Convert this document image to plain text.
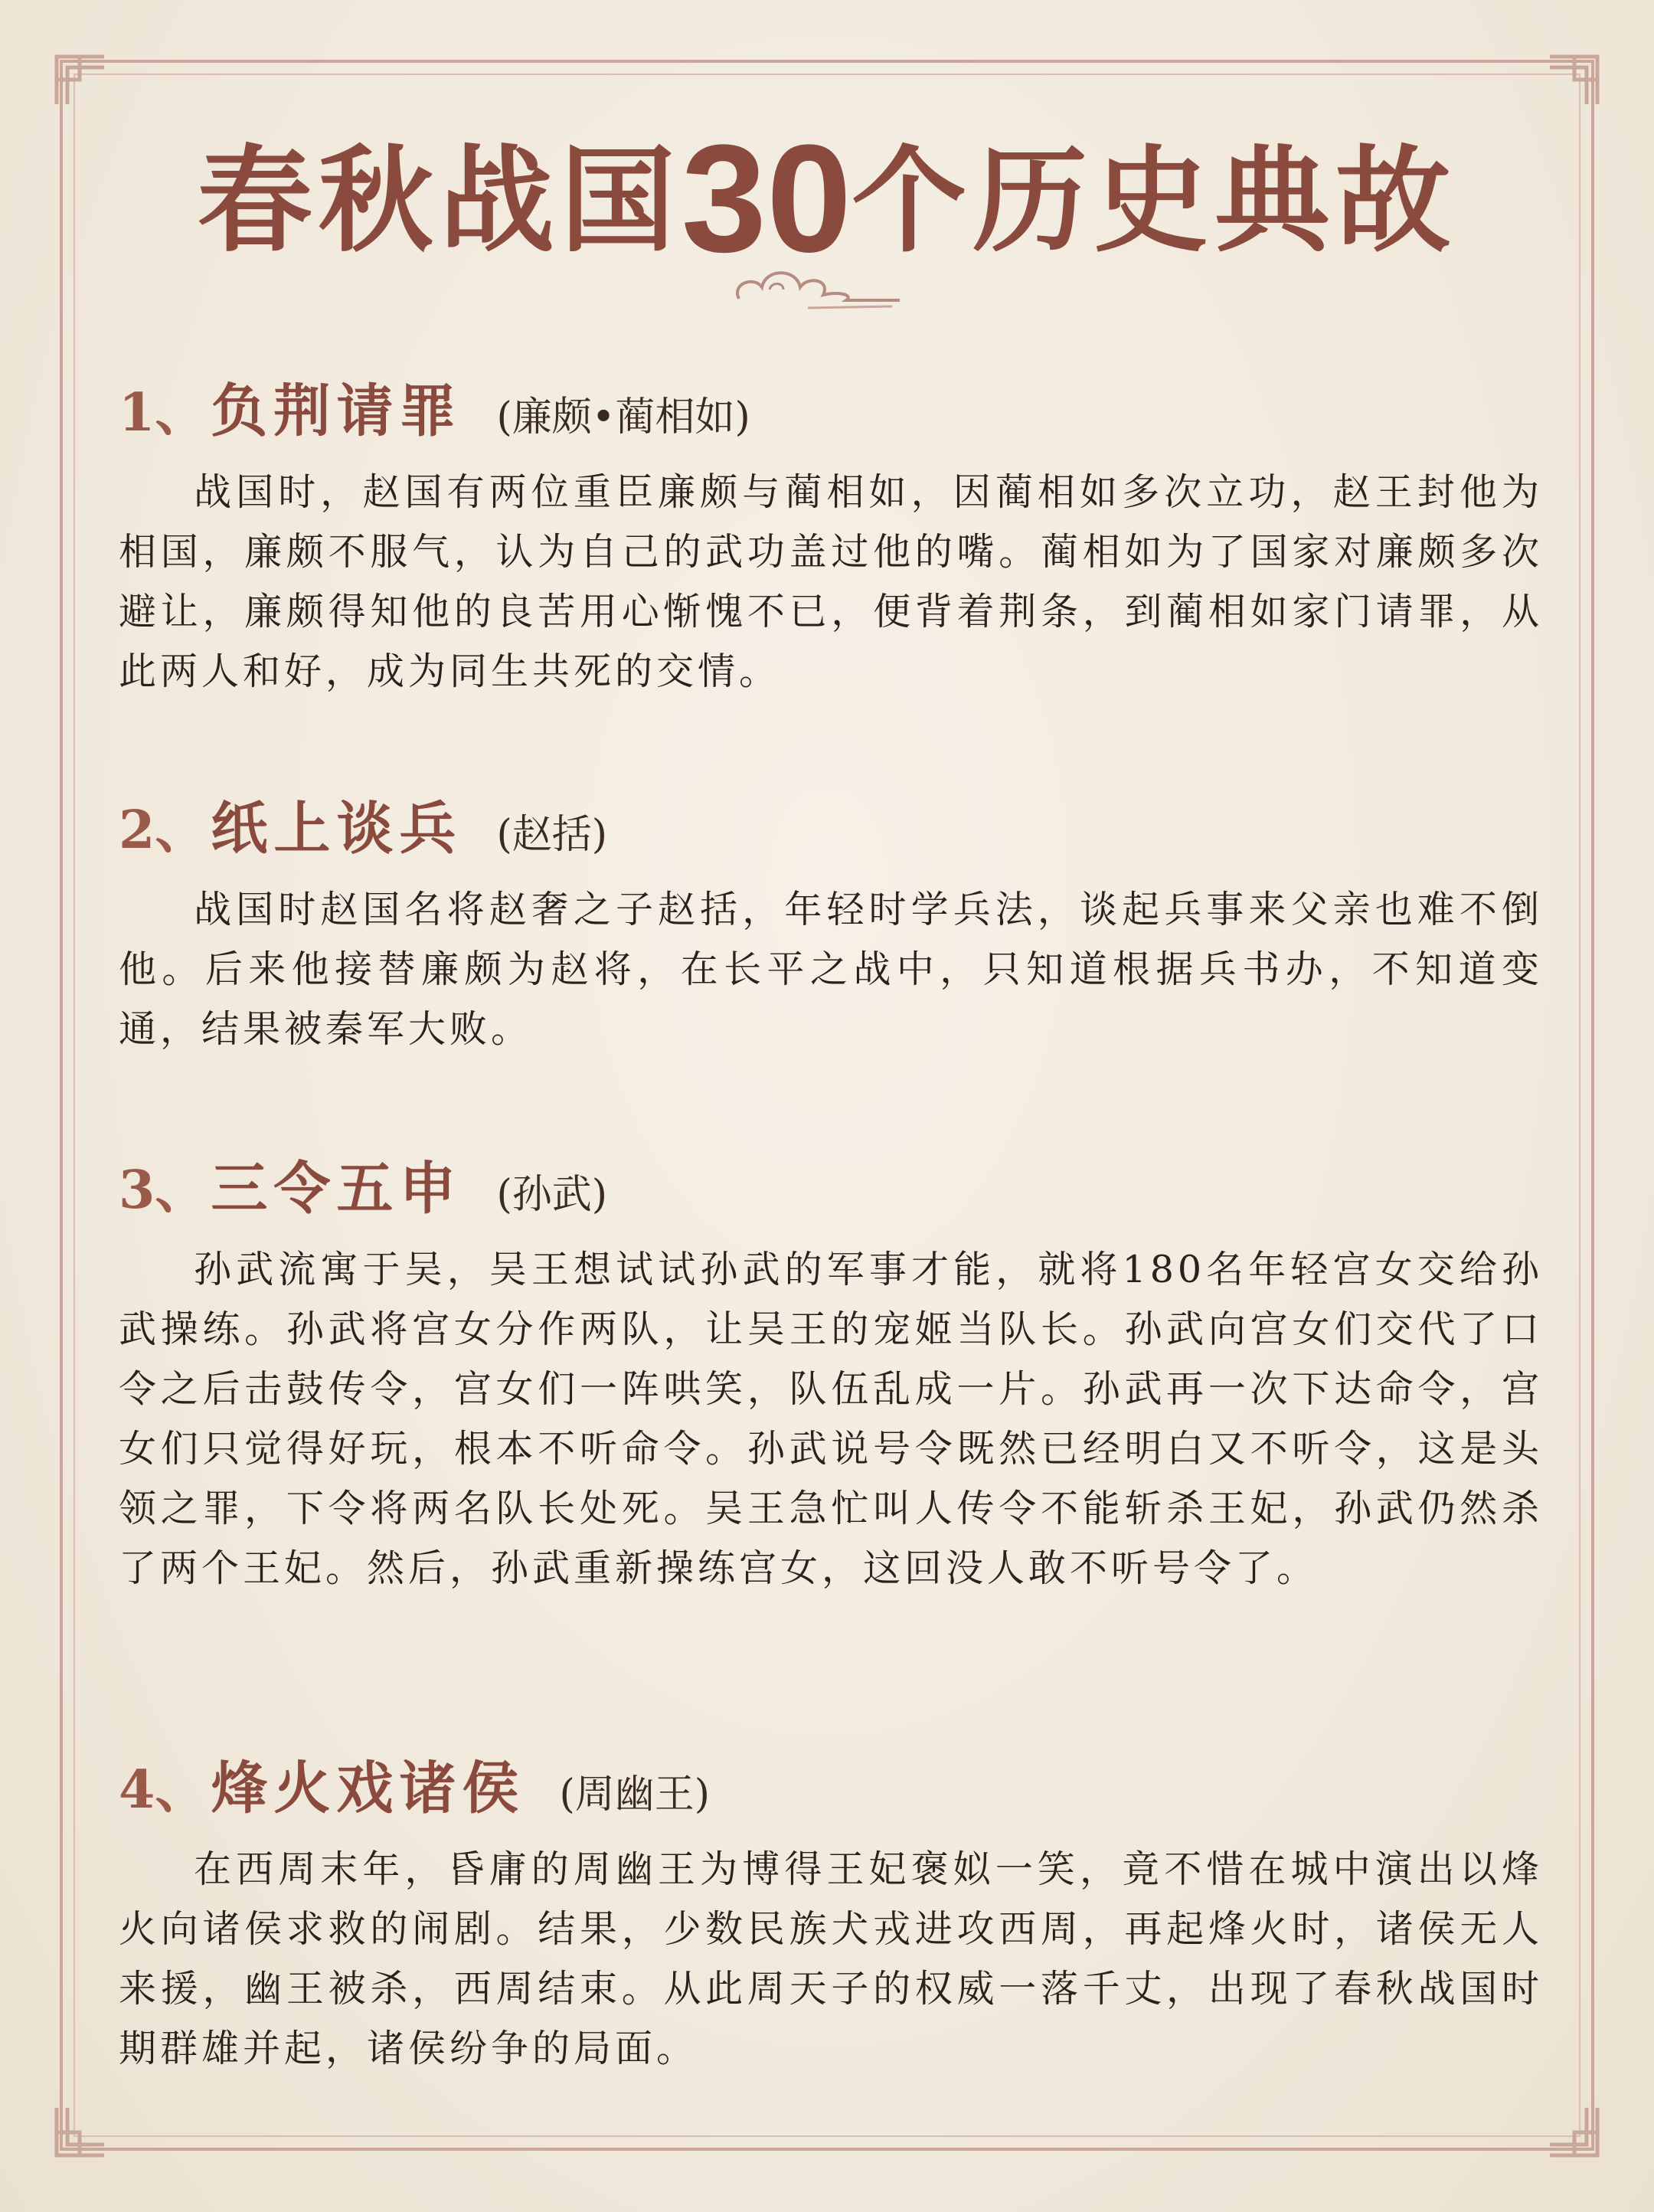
春秋战国30个历史典故
1、 负荆请罪 (廉颇•蔺相如)
战国时，赵国有两位重臣廉颇与蔺相如，因蔺相如多次立功，赵王封他为相国，廉颇不服气，认为自己的武功盖过他的嘴。蔺相如为了国家对廉颇多次避让，廉颇得知他的良苦用心惭愧不已，便背着荆条，到蔺相如家门请罪，从此两人和好，成为同生共死的交情。
2、 纸上谈兵 (赵括)
战国时赵国名将赵奢之子赵括，年轻时学兵法，谈起兵事来父亲也难不倒他。后来他接替廉颇为赵将，在长平之战中，只知道根据兵书办，不知道变通，结果被秦军大败。
3、 三令五申 (孙武)
孙武流寓于吴，吴王想试试孙武的军事才能，就将180名年轻宫女交给孙武操练。孙武将宫女分作两队，让吴王的宠姬当队长。孙武向宫女们交代了口令之后击鼓传令，宫女们一阵哄笑，队伍乱成一片。孙武再一次下达命令，宫女们只觉得好玩，根本不听命令。孙武说号令既然已经明白又不听令，这是头领之罪，下令将两名队长处死。吴王急忙叫人传令不能斩杀王妃，孙武仍然杀了两个王妃。然后，孙武重新操练宫女，这回没人敢不听号令了。
4、 烽火戏诸侯 (周幽王)
在西周末年，昏庸的周幽王为博得王妃褒姒一笑，竟不惜在城中演出以烽火向诸侯求救的闹剧。结果，少数民族犬戎进攻西周，再起烽火时，诸侯无人来援，幽王被杀，西周结束。从此周天子的权威一落千丈，出现了春秋战国时期群雄并起，诸侯纷争的局面。
